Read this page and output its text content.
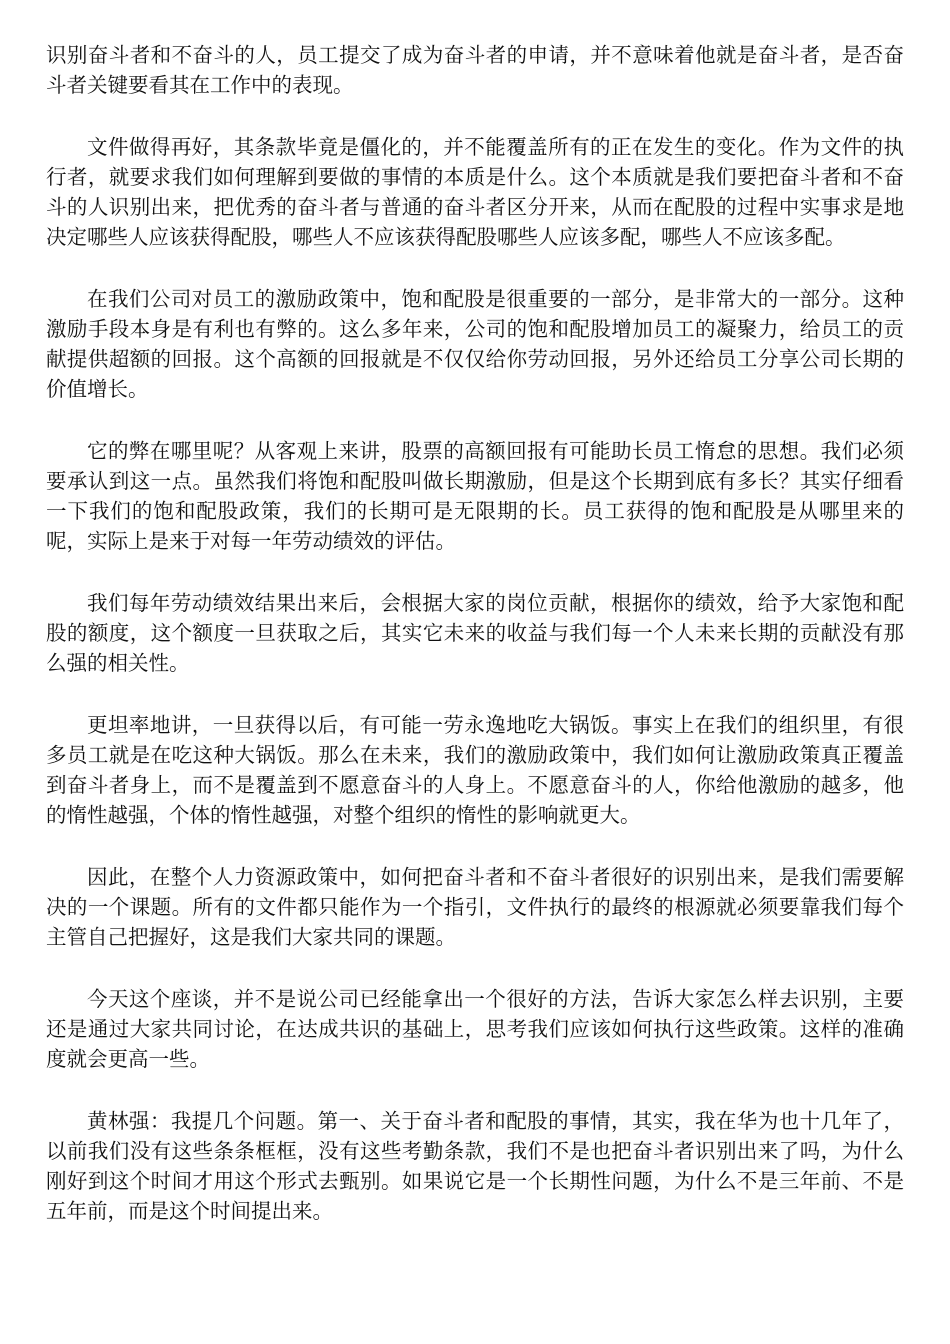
识别奋斗者和不奋斗的人，员工提交了成为奋斗者的申请，并不意味着他就是奋斗者，是否奋斗者关键要看其在工作中的表现。

文件做得再好，其条款毕竟是僵化的，并不能覆盖所有的正在发生的变化。作为文件的执行者，就要求我们如何理解到要做的事情的本质是什么。这个本质就是我们要把奋斗者和不奋斗的人识别出来，把优秀的奋斗者与普通的奋斗者区分开来，从而在配股的过程中实事求是地决定哪些人应该获得配股，哪些人不应该获得配股哪些人应该多配，哪些人不应该多配。

在我们公司对员工的激励政策中，饱和配股是很重要的一部分，是非常大的一部分。这种激励手段本身是有利也有弊的。这么多年来，公司的饱和配股增加员工的凝聚力，给员工的贡献提供超额的回报。这个高额的回报就是不仅仅给你劳动回报，另外还给员工分享公司长期的价值增长。

它的弊在哪里呢？从客观上来讲，股票的高额回报有可能助长员工惰怠的思想。我们必须要承认到这一点。虽然我们将饱和配股叫做长期激励，但是这个长期到底有多长？其实仔细看一下我们的饱和配股政策，我们的长期可是无限期的长。员工获得的饱和配股是从哪里来的呢，实际上是来于对每一年劳动绩效的评估。

我们每年劳动绩效结果出来后，会根据大家的岗位贡献，根据你的绩效，给予大家饱和配股的额度，这个额度一旦获取之后，其实它未来的收益与我们每一个人未来长期的贡献没有那么强的相关性。

更坦率地讲，一旦获得以后，有可能一劳永逸地吃大锅饭。事实上在我们的组织里，有很多员工就是在吃这种大锅饭。那么在未来，我们的激励政策中，我们如何让激励政策真正覆盖到奋斗者身上，而不是覆盖到不愿意奋斗的人身上。不愿意奋斗的人，你给他激励的越多，他的惰性越强，个体的惰性越强，对整个组织的惰性的影响就更大。

因此，在整个人力资源政策中，如何把奋斗者和不奋斗者很好的识别出来，是我们需要解决的一个课题。所有的文件都只能作为一个指引，文件执行的最终的根源就必须要靠我们每个主管自己把握好，这是我们大家共同的课题。

今天这个座谈，并不是说公司已经能拿出一个很好的方法，告诉大家怎么样去识别，主要还是通过大家共同讨论，在达成共识的基础上，思考我们应该如何执行这些政策。这样的准确度就会更高一些。

黄林强：我提几个问题。第一、关于奋斗者和配股的事情，其实，我在华为也十几年了，以前我们没有这些条条框框，没有这些考勤条款，我们不是也把奋斗者识别出来了吗，为什么刚好到这个时间才用这个形式去甄别。如果说它是一个长期性问题，为什么不是三年前、不是五年前，而是这个时间提出来。
